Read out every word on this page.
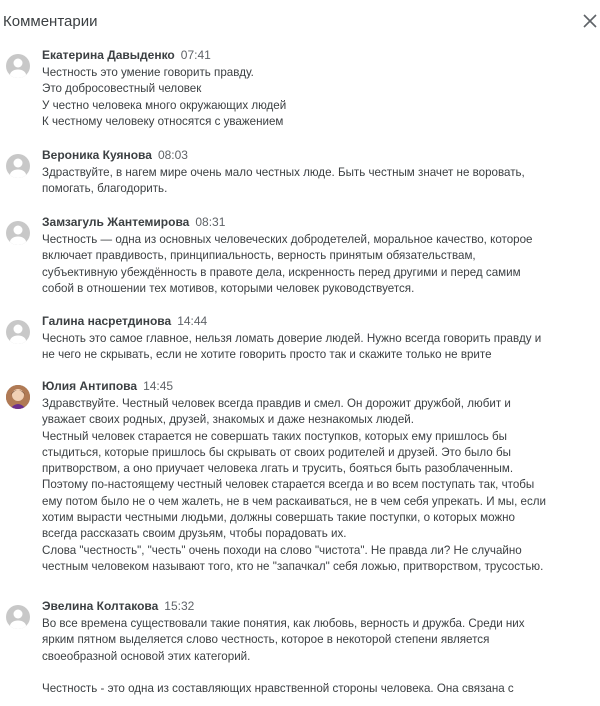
Комментарии
Екатерина Давыденко 07:41
Честность это умение говорить правду.
Это добросовестный человек
У честно человека много окружающих людей
К честному человеку относятся с уважением
Вероника Куянова 08:03
Здраствуйте, в нагем мире очень мало честных люде. Быть честным значет не воровать,
помогать, благодорить.
Замзагуль Жантемирова 08:31
Честность — одна из основных человеческих добродетелей, моральное качество, которое
включает правдивость, принципиальность, верность принятым обязательствам,
субъективную убеждённость в правоте дела, искренность перед другими и перед самим
собой в отношении тех мотивов, которыми человек руководствуется.
Галина насретдинова 14:44
Чесноть это самое главное, нельзя ломать доверие людей. Нужно всегда говорить правду и
не чего не скрывать, если не хотите говорить просто так и скажите только не врите
Юлия Антипова 14:45
Здравствуйте. Честный человек всегда правдив и смел. Он дорожит дружбой, любит и
уважает своих родных, друзей, знакомых и даже незнакомых людей.
Честный человек старается не совершать таких поступков, которых ему пришлось бы
стыдиться, которые пришлось бы скрывать от своих родителей и друзей. Это было бы
притворством, а оно приучает человека лгать и трусить, бояться быть разоблаченным.
Поэтому по-настоящему честный человек старается всегда и во всем поступать так, чтобы
ему потом было не о чем жалеть, не в чем раскаиваться, не в чем себя упрекать. И мы, если
хотим вырасти честными людьми, должны совершать такие поступки, о которых можно
всегда рассказать своим друзьям, чтобы порадовать их.
Слова "честность", "честь" очень походи на слово "чистота". Не правда ли? Не случайно
честным человеком называют того, кто не "запачкал" себя ложью, притворством, трусостью.
Эвелина Колтакова 15:32
Во все времена существовали такие понятия, как любовь, верность и дружба. Среди них
ярким пятном выделяется слово честность, которое в некоторой степени является
своеобразной основой этих категорий.

Честность - это одна из составляющих нравственной стороны человека. Она связана с
